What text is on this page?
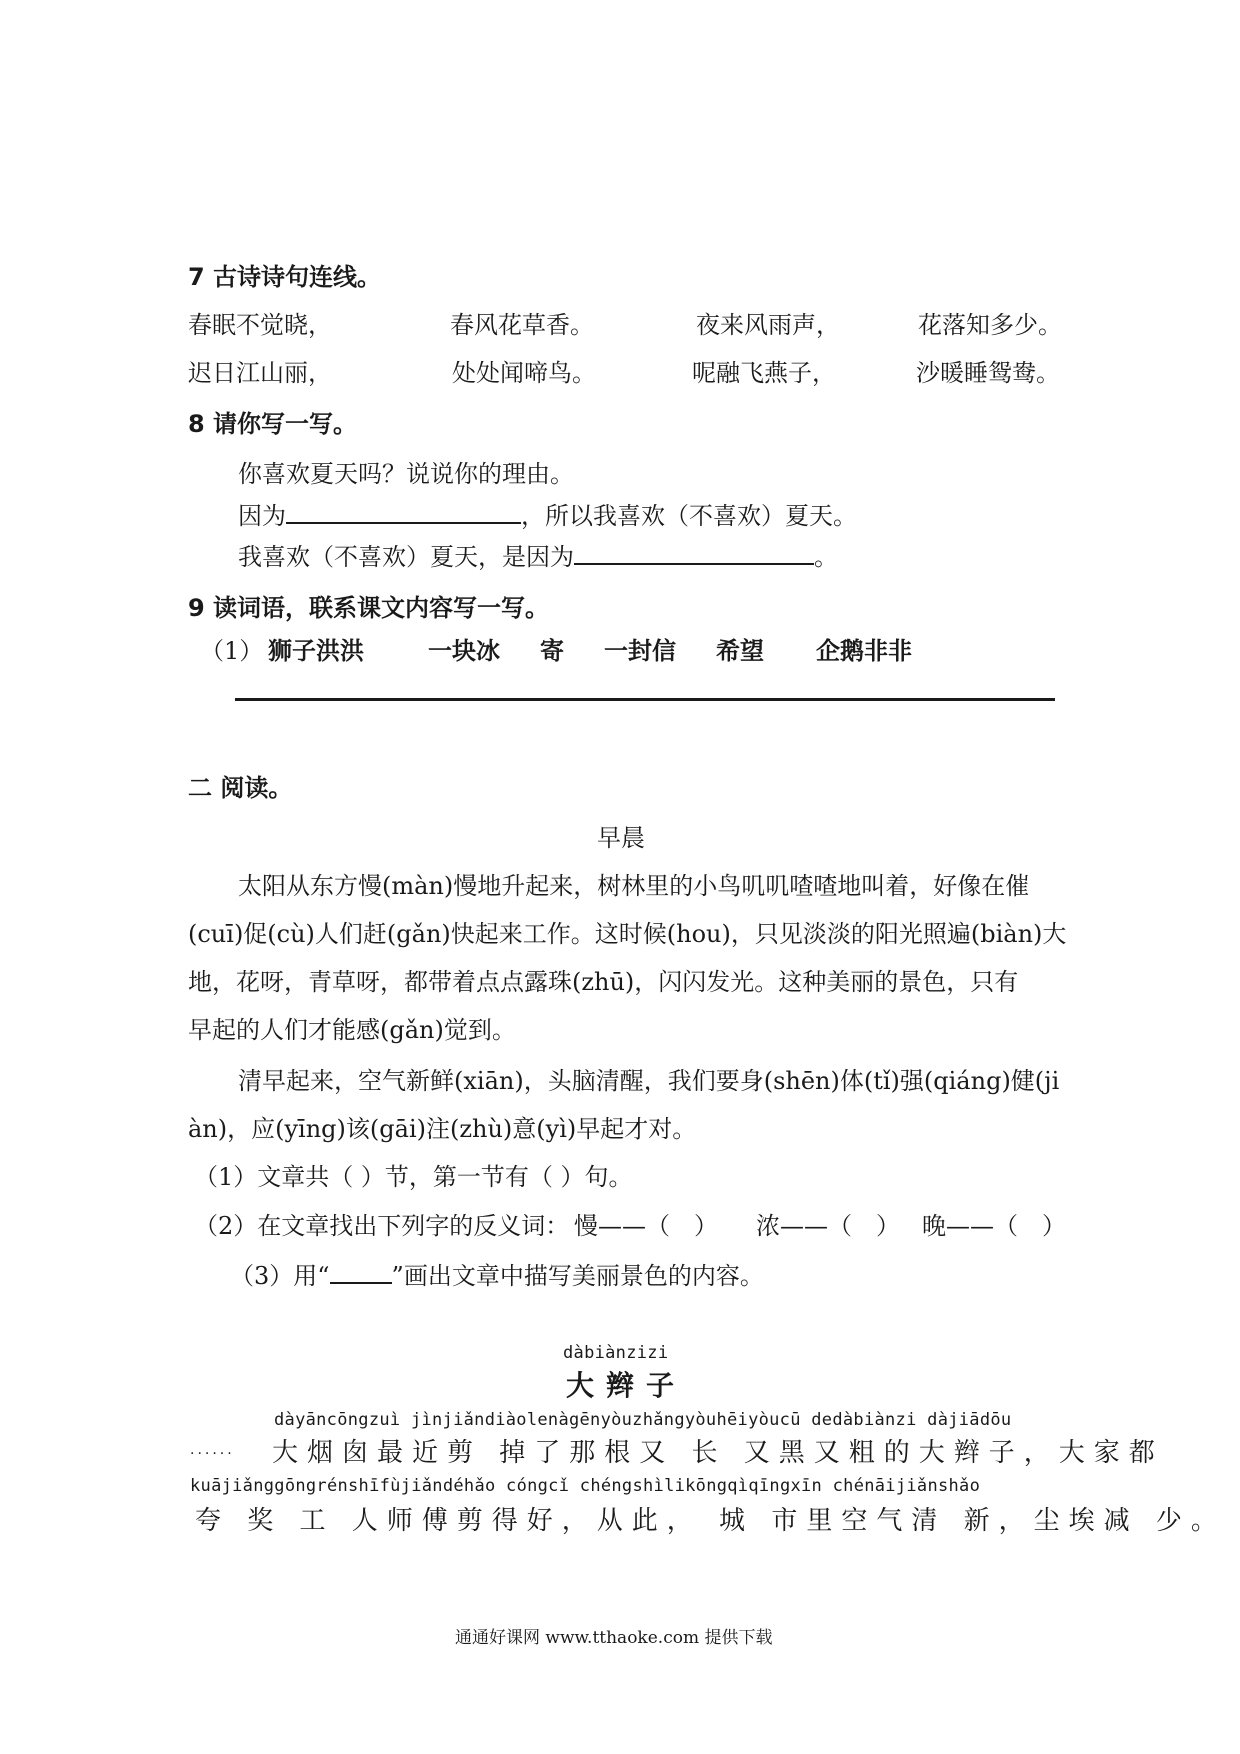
7 古诗诗句连线。
春眠不觉晓，	春风花草香。	夜来风雨声，	花落知多少。
迟日江山丽，	处处闻啼鸟。	呢融飞燕子，	沙暖睡鸳鸯。
8 请你写一写。
你喜欢夏天吗？说说你的理由。
因为	，所以我喜欢（不喜欢）夏天。
我喜欢（不喜欢）夏天，是因为	。
9 读词语，联系课文内容写一写。
（1） 狮子洪洪	一块冰 寄 一封信 希望 企鹅非非
二 阅读。
早晨
太阳从东方慢(màn)慢地升起来，树林里的小鸟叽叽喳喳地叫着，好像在催
(cuī)促(cù)人们赶(gǎn)快起来工作。这时候(hou)，只见淡淡的阳光照遍(biàn)大
地，花呀，青草呀，都带着点点露珠(zhū)，闪闪发光。这种美丽的景色，只有
早起的人们才能感(gǎn)觉到。
清早起来，空气新鲜(xiān)，头脑清醒，我们要身(shēn)体(tǐ)强(qiáng)健(ji
àn)，应(yīng)该(gāi)注(zhù)意(yì)早起才对。
（1）文章共（ ）节，第一节有（ ）句。
（2）在文章找出下列字的反义词： 慢——（　） 浓——（　） 晚——（　）
（3）用“	”画出文章中描写美丽景色的内容。
dàbiànzizi
大辫子
dàyāncōngzuì jìnjiǎndiàolenàgēnyòuzhǎngyòuhēiyòucū dedàbiànzi dàjiādōu
...... 大烟囱最近剪 掉了那根又 长 又黑又粗的大辫子，大家都
kuājiǎnggōngrénshīfùjiǎndéhǎo cóngcǐ chéngshìlikōngqìqīngxīn chénāijiǎnshǎo
夸 奖 工 人师傅剪得好，从此， 城 市里空气清 新，尘埃减 少。
通通好课网 www.tthaoke.com 提供下载
